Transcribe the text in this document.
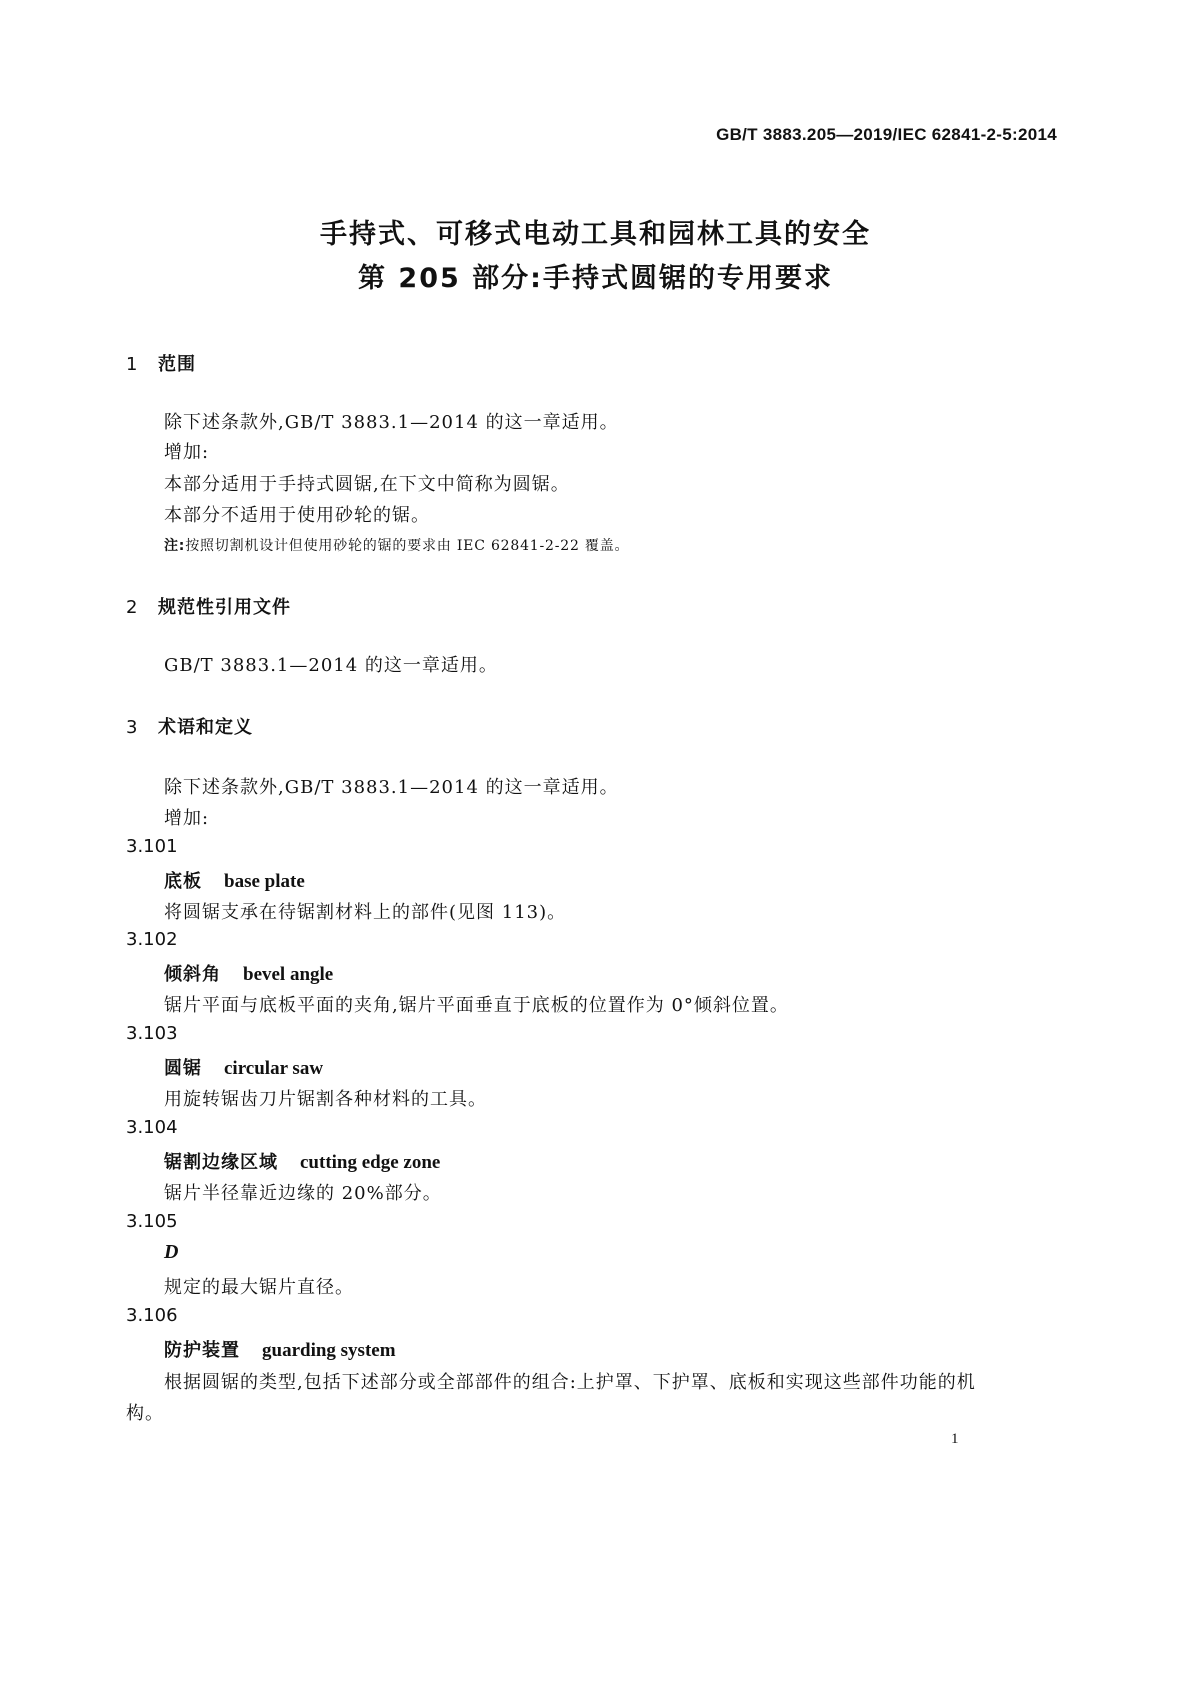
GB/T 3883.205—2019/IEC 62841-2-5:2014
手持式、可移式电动工具和园林工具的安全
第 205 部分:手持式圆锯的专用要求
1 范围
除下述条款外,GB/T 3883.1—2014 的这一章适用。
增加:
本部分适用于手持式圆锯,在下文中简称为圆锯。
本部分不适用于使用砂轮的锯。
注:按照切割机设计但使用砂轮的锯的要求由 IEC 62841-2-22 覆盖。
2 规范性引用文件
GB/T 3883.1—2014 的这一章适用。
3 术语和定义
除下述条款外,GB/T 3883.1—2014 的这一章适用。
增加:
3.101
底板 base plate
将圆锯支承在待锯割材料上的部件(见图 113)。
3.102
倾斜角 bevel angle
锯片平面与底板平面的夹角,锯片平面垂直于底板的位置作为 0°倾斜位置。
3.103
圆锯 circular saw
用旋转锯齿刀片锯割各种材料的工具。
3.104
锯割边缘区域 cutting edge zone
锯片半径靠近边缘的 20%部分。
3.105
D
规定的最大锯片直径。
3.106
防护装置 guarding system
根据圆锯的类型,包括下述部分或全部部件的组合:上护罩、下护罩、底板和实现这些部件功能的机构。
1
